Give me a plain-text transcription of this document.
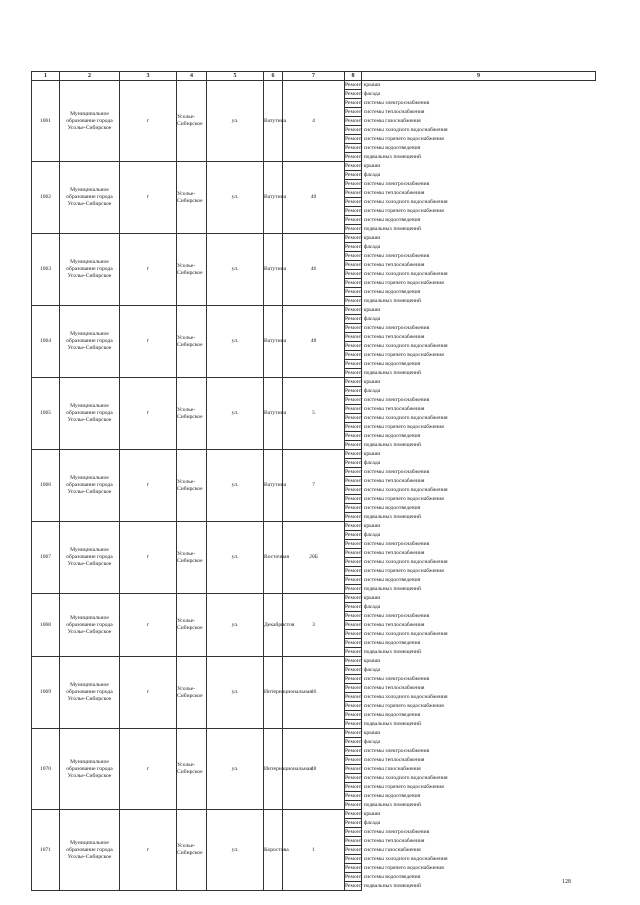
1	2	3	4	5	6	7	8	9
1061	Муниципальное образование города Усолье-Сибирское	г	Усолье-Сибирское	ул.	Ватутина	4	Ремонт крыши	
							Ремонт фасада	
							Ремонт системы электроснабжения	
							Ремонт системы теплоснабжения	
							Ремонт системы газоснабжения	
							Ремонт системы холодного водоснабжения	
							Ремонт системы горячего водоснабжения	
							Ремонт системы водоотведения	
							Ремонт подвальных помещений	
1062	Муниципальное образование города Усолье-Сибирское	г	Усолье-Сибирское	ул.	Ватутина	40	Ремонт крыши	
							Ремонт фасада	
							Ремонт системы электроснабжения	
							Ремонт системы теплоснабжения	
							Ремонт системы холодного водоснабжения	
							Ремонт системы горячего водоснабжения	
							Ремонт системы водоотведения	
							Ремонт подвальных помещений	
1063	Муниципальное образование города Усолье-Сибирское	г	Усолье-Сибирское	ул.	Ватутина	46	Ремонт крыши	
							Ремонт фасада	
							Ремонт системы электроснабжения	
							Ремонт системы теплоснабжения	
							Ремонт системы холодного водоснабжения	
							Ремонт системы горячего водоснабжения	
							Ремонт системы водоотведения	
							Ремонт подвальных помещений	
1064	Муниципальное образование города Усолье-Сибирское	г	Усолье-Сибирское	ул.	Ватутина	48	Ремонт крыши	
							Ремонт фасада	
							Ремонт системы электроснабжения	
							Ремонт системы теплоснабжения	
							Ремонт системы холодного водоснабжения	
							Ремонт системы горячего водоснабжения	
							Ремонт системы водоотведения	
							Ремонт подвальных помещений	
1065	Муниципальное образование города Усолье-Сибирское	г	Усолье-Сибирское	ул.	Ватутина	5	Ремонт крыши	
							Ремонт фасада	
							Ремонт системы электроснабжения	
							Ремонт системы теплоснабжения	
							Ремонт системы холодного водоснабжения	
							Ремонт системы горячего водоснабжения	
							Ремонт системы водоотведения	
							Ремонт подвальных помещений	
1066	Муниципальное образование города Усолье-Сибирское	г	Усолье-Сибирское	ул.	Ватутина	7	Ремонт крыши	
							Ремонт фасада	
							Ремонт системы электроснабжения	
							Ремонт системы теплоснабжения	
							Ремонт системы холодного водоснабжения	
							Ремонт системы горячего водоснабжения	
							Ремонт системы водоотведения	
							Ремонт подвальных помещений	
1067	Муниципальное образование города Усолье-Сибирское	г	Усолье-Сибирское	ул.	Восточная	20Б	Ремонт крыши	
							Ремонт фасада	
							Ремонт системы электроснабжения	
							Ремонт системы теплоснабжения	
							Ремонт системы холодного водоснабжения	
							Ремонт системы горячего водоснабжения	
							Ремонт системы водоотведения	
							Ремонт подвальных помещений	
1068	Муниципальное образование города Усолье-Сибирское	г	Усолье-Сибирское	ул.	Декабристов	3	Ремонт крыши	
							Ремонт фасада	
							Ремонт системы электроснабжения	
							Ремонт системы теплоснабжения	
							Ремонт системы холодного водоснабжения	
							Ремонт системы водоотведения	
							Ремонт подвальных помещений	
1069	Муниципальное образование города Усолье-Сибирское	г	Усолье-Сибирское	ул.	Интернациональная	16	Ремонт крыши	
							Ремонт фасада	
							Ремонт системы электроснабжения	
							Ремонт системы теплоснабжения	
							Ремонт системы холодного водоснабжения	
							Ремонт системы горячего водоснабжения	
							Ремонт системы водоотведения	
							Ремонт подвальных помещений	
1070	Муниципальное образование города Усолье-Сибирское	г	Усолье-Сибирское	ул.	Интернациональная	48	Ремонт крыши	
							Ремонт фасада	
							Ремонт системы электроснабжения	
							Ремонт системы теплоснабжения	
							Ремонт системы газоснабжения	
							Ремонт системы холодного водоснабжения	
							Ремонт системы горячего водоснабжения	
							Ремонт системы водоотведения	
							Ремонт подвальных помещений	
1071	Муниципальное образование города Усолье-Сибирское	г	Усолье-Сибирское	ул.	Коростова	1	Ремонт крыши	
							Ремонт фасада	
							Ремонт системы электроснабжения	
							Ремонт системы теплоснабжения	
							Ремонт системы газоснабжения	
							Ремонт системы холодного водоснабжения	
							Ремонт системы горячего водоснабжения	
							Ремонт системы водоотведения	
							Ремонт подвальных помещений	
128
